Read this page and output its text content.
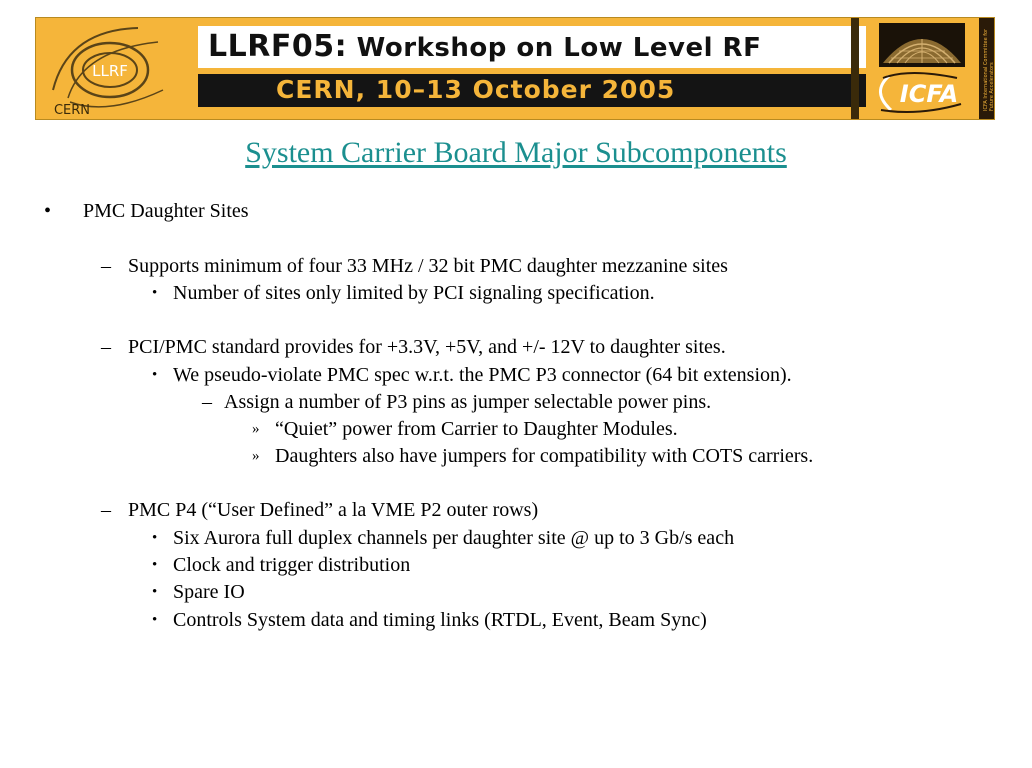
LLRF
CERN
LLRF05: Workshop on Low Level RF
CERN, 10–13 October 2005	ICFA	ICFA International Committee for Future Accelerators
System Carrier Board Major Subcomponents
• PMC Daughter Sites
– Supports minimum of four 33 MHz / 32 bit PMC daughter mezzanine sites
• Number of sites only limited by PCI signaling specification.
– PCI/PMC standard provides for +3.3V, +5V, and +/- 12V to daughter sites.
• We pseudo-violate PMC spec w.r.t. the PMC P3 connector (64 bit extension).
– Assign a number of P3 pins as jumper selectable power pins.
» “Quiet” power from Carrier to Daughter Modules.
» Daughters also have jumpers for compatibility with COTS carriers.
– PMC P4 (“User Defined” a la VME P2 outer rows)
• Six Aurora full duplex channels per daughter site @ up to 3 Gb/s each
• Clock and trigger distribution
• Spare IO
• Controls System data and timing links (RTDL, Event, Beam Sync)
